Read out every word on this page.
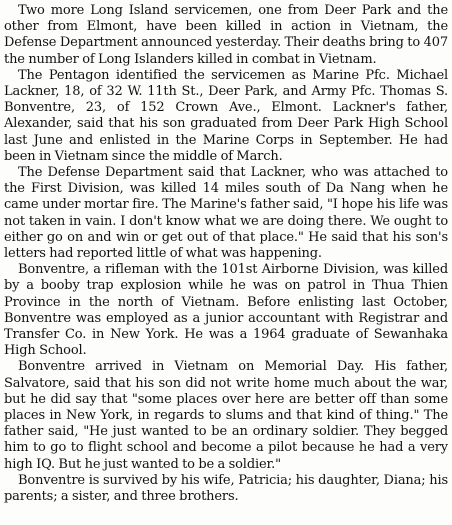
Two more Long Island servicemen, one from Deer Park and the other from Elmont, have been killed in action in Vietnam, the Defense Department announced yesterday. Their deaths bring to 407 the number of Long Islanders killed in combat in Vietnam.

The Pentagon identified the servicemen as Marine Pfc. Michael Lackner, 18, of 32 W. 11th St., Deer Park, and Army Pfc. Thomas S. Bonventre, 23, of 152 Crown Ave., Elmont. Lackner's father, Alexander, said that his son graduated from Deer Park High School last June and enlisted in the Marine Corps in September. He had been in Vietnam since the middle of March.

The Defense Department said that Lackner, who was attached to the First Division, was killed 14 miles south of Da Nang when he came under mortar fire. The Marine's father said, "I hope his life was not taken in vain. I don't know what we are doing there. We ought to either go on and win or get out of that place." He said that his son's letters had reported little of what was happening.

Bonventre, a rifleman with the 101st Airborne Division, was killed by a booby trap explosion while he was on patrol in Thua Thien Province in the north of Vietnam. Before enlisting last October, Bonventre was employed as a junior accountant with Registrar and Transfer Co. in New York. He was a 1964 graduate of Sewanhaka High School.

Bonventre arrived in Vietnam on Memorial Day. His father, Salvatore, said that his son did not write home much about the war, but he did say that "some places over here are better off than some places in New York, in regards to slums and that kind of thing." The father said, "He just wanted to be an ordinary soldier. They begged him to go to flight school and become a pilot because he had a very high IQ. But he just wanted to be a soldier."

Bonventre is survived by his wife, Patricia; his daughter, Diana; his parents; a sister, and three brothers.
